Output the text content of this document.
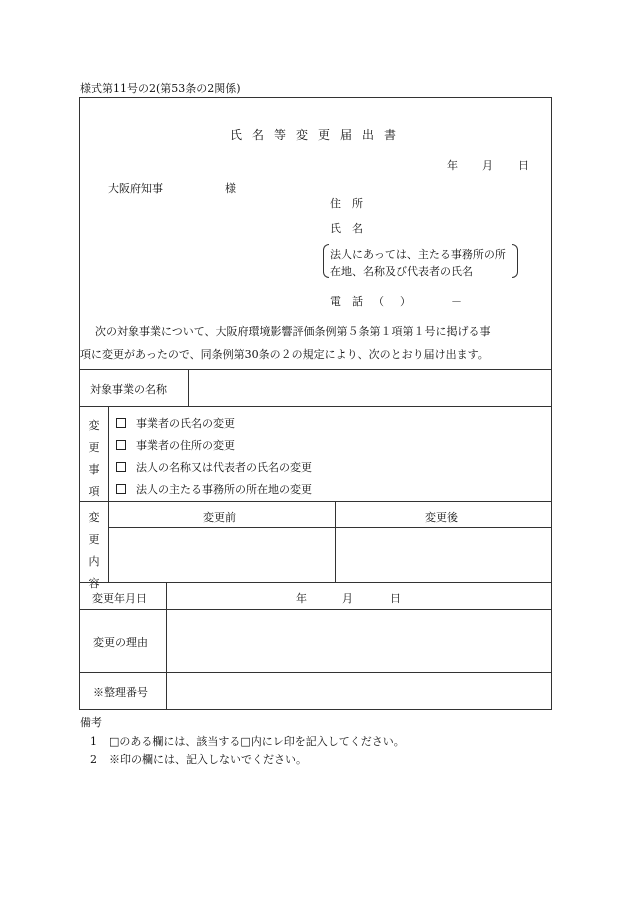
様式第11号の2(第53条の2関係)
氏名等変更届出書
年 月 日
大阪府知事	様
住　所
氏　名
法人にあっては、主たる事務所の所
在地、名称及び代表者の氏名
電　話 （ ）	－
次の対象事業について、大阪府環境影響評価条例第５条第１項第１号に掲げる事
項に変更があったので、同条例第30条の２の規定により、次のとおり届け出ます。
対象事業の名称
変
更
事
項
事業者の氏名の変更
事業者の住所の変更
法人の名称又は代表者の氏名の変更
法人の主たる事務所の所在地の変更
変
更
内
容
変更前	変更後
変更年月日	年	月	日
変更の理由
※整理番号
備考
1 □のある欄には、該当する□内にレ印を記入してください。
2 ※印の欄には、記入しないでください。
